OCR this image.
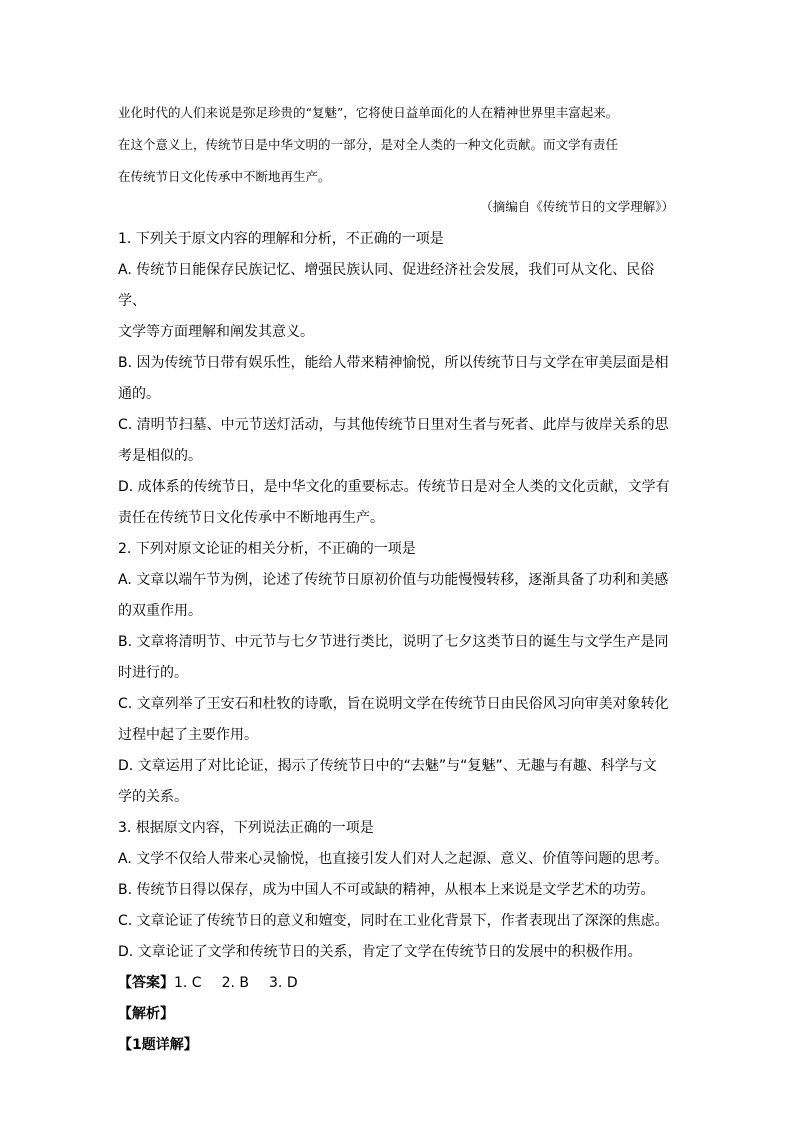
业化时代的人们来说是弥足珍贵的“复魅”，它将使日益单面化的人在精神世界里丰富起来。

在这个意义上，传统节日是中华文明的一部分，是对全人类的一种文化贡献。而文学有责任

在传统节日文化传承中不断地再生产。

（摘编自《传统节日的文学理解》）

1. 下列关于原文内容的理解和分析，不正确的一项是

A. 传统节日能保存民族记忆、增强民族认同、促进经济社会发展，我们可从文化、民俗学、

文学等方面理解和阐发其意义。

B. 因为传统节日带有娱乐性，能给人带来精神愉悦，所以传统节日与文学在审美层面是相

通的。

C. 清明节扫墓、中元节送灯活动，与其他传统节日里对生者与死者、此岸与彼岸关系的思

考是相似的。

D. 成体系的传统节日，是中华文化的重要标志。传统节日是对全人类的文化贡献，文学有

责任在传统节日文化传承中不断地再生产。

2. 下列对原文论证的相关分析，不正确的一项是

A. 文章以端午节为例，论述了传统节日原初价值与功能慢慢转移，逐渐具备了功利和美感

的双重作用。

B. 文章将清明节、中元节与七夕节进行类比，说明了七夕这类节日的诞生与文学生产是同

时进行的。

C. 文章列举了王安石和杜牧的诗歌，旨在说明文学在传统节日由民俗风习向审美对象转化

过程中起了主要作用。

D. 文章运用了对比论证，揭示了传统节日中的“去魅”与“复魅”、无趣与有趣、科学与文

学的关系。

3. 根据原文内容，下列说法正确的一项是

A. 文学不仅给人带来心灵愉悦，也直接引发人们对人之起源、意义、价值等问题的思考。

B. 传统节日得以保存，成为中国人不可或缺的精神，从根本上来说是文学艺术的功劳。

C. 文章论证了传统节日的意义和嬗变，同时在工业化背景下，作者表现出了深深的焦虑。

D. 文章论证了文学和传统节日的关系，肯定了文学在传统节日的发展中的积极作用。

【答案】1. C 2. B 3. D

【解析】

【1题详解】
